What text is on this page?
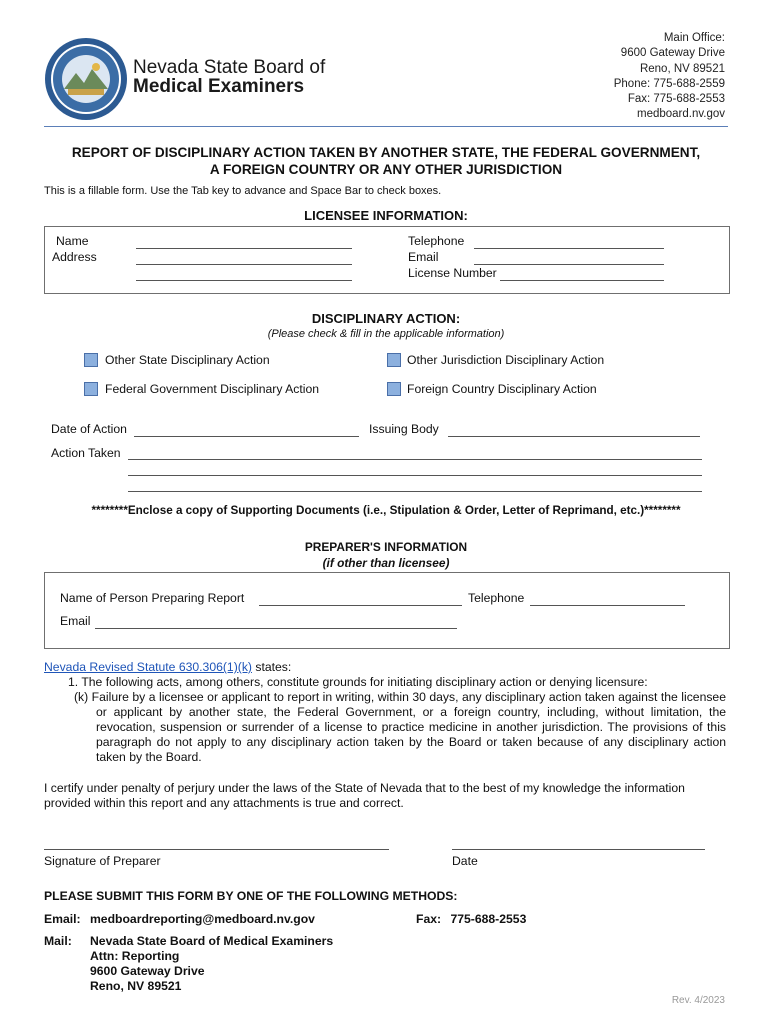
Nevada State Board of
Medical Examiners
Main Office:
9600 Gateway Drive
Reno, NV 89521
Phone: 775-688-2559
Fax: 775-688-2553
medboard.nv.gov
REPORT OF DISCIPLINARY ACTION TAKEN BY ANOTHER STATE, THE FEDERAL GOVERNMENT,
A FOREIGN COUNTRY OR ANY OTHER JURISDICTION
This is a fillable form. Use the Tab key to advance and Space Bar to check boxes.
LICENSEE INFORMATION:
Name
Address
Telephone
Email
License Number
DISCIPLINARY ACTION:
(Please check & fill in the applicable information)
Other State Disciplinary Action	Other Jurisdiction Disciplinary Action
Federal Government Disciplinary Action	Foreign Country Disciplinary Action
Date of Action	Issuing Body
Action Taken
********Enclose a copy of Supporting Documents (i.e., Stipulation & Order, Letter of Reprimand, etc.)********
PREPARER'S INFORMATION
(if other than licensee)
Name of Person Preparing Report	Telephone
Email
Nevada Revised Statute 630.306(1)(k) states:
1. The following acts, among others, constitute grounds for initiating disciplinary action or denying licensure:
(k) Failure by a licensee or applicant to report in writing, within 30 days, any disciplinary action taken against the licensee or applicant by another state, the Federal Government, or a foreign country, including, without limitation, the revocation, suspension or surrender of a license to practice medicine in another jurisdiction. The provisions of this paragraph do not apply to any disciplinary action taken by the Board or taken because of any disciplinary action taken by the Board.
I certify under penalty of perjury under the laws of the State of Nevada that to the best of my knowledge the information provided within this report and any attachments is true and correct.
Signature of Preparer	Date
PLEASE SUBMIT THIS FORM BY ONE OF THE FOLLOWING METHODS:
Email: medboardreporting@medboard.nv.gov	Fax: 775-688-2553
Mail: Nevada State Board of Medical Examiners
Attn: Reporting
9600 Gateway Drive
Reno, NV 89521
Rev. 4/2023
